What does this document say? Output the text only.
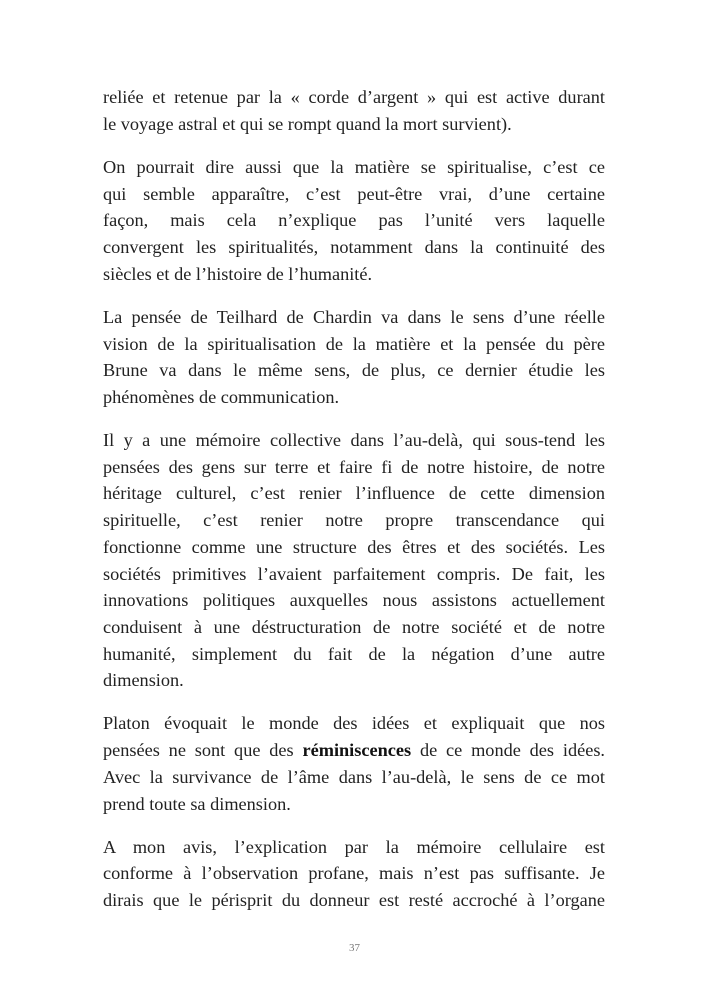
reliée et retenue par la « corde d’argent » qui est active durant
le voyage astral et qui se rompt quand la mort survient).
On pourrait dire aussi que la matière se spiritualise, c’est ce
qui semble apparaître, c’est peut-être vrai, d’une certaine
façon, mais cela n’explique pas l’unité vers laquelle
convergent les spiritualités, notamment dans la continuité des
siècles et de l’histoire de l’humanité.
La pensée de Teilhard de Chardin va dans le sens d’une réelle
vision de la spiritualisation de la matière et la pensée du père
Brune va dans le même sens, de plus, ce dernier étudie les
phénomènes de communication.
Il y a une mémoire collective dans l’au-delà, qui sous-tend les
pensées des gens sur terre et faire fi de notre histoire, de notre
héritage culturel, c’est renier l’influence de cette dimension
spirituelle, c’est renier notre propre transcendance qui
fonctionne comme une structure des êtres et des sociétés. Les
sociétés primitives l’avaient parfaitement compris. De fait, les
innovations politiques auxquelles nous assistons actuellement
conduisent à une déstructuration de notre société et de notre
humanité, simplement du fait de la négation d’une autre
dimension.
Platon évoquait le monde des idées et expliquait que nos
pensées ne sont que des réminiscences de ce monde des idées.
Avec la survivance de l’âme dans l’au-delà, le sens de ce mot
prend toute sa dimension.
A mon avis, l’explication par la mémoire cellulaire est
conforme à l’observation profane, mais n’est pas suffisante. Je
dirais que le périsprit du donneur est resté accroché à l’organe
37
